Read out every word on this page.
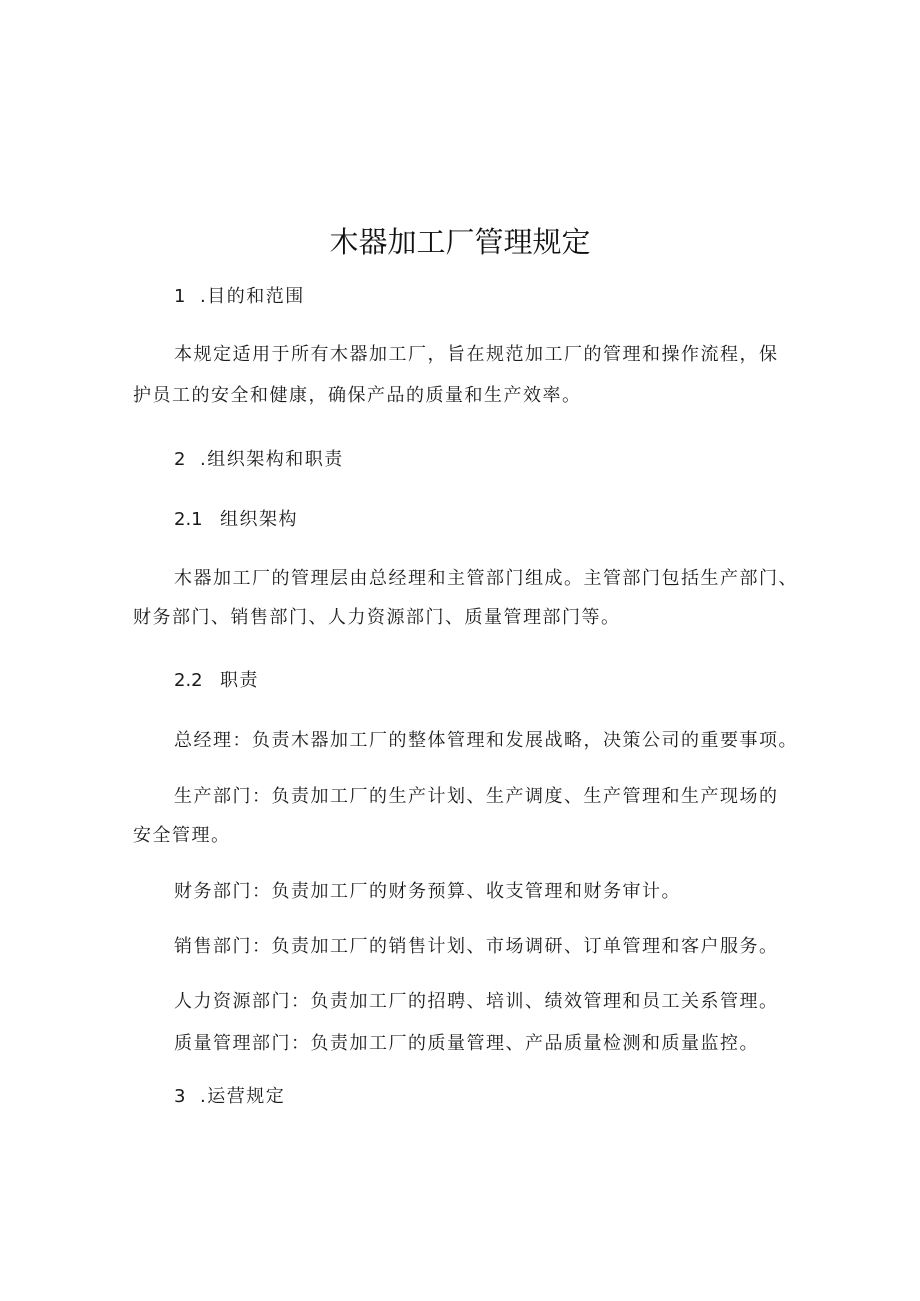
木器加工厂管理规定

1 .目的和范围

本规定适用于所有木器加工厂，旨在规范加工厂的管理和操作流程，保

护员工的安全和健康，确保产品的质量和生产效率。

2 .组织架构和职责

2.1 组织架构

木器加工厂的管理层由总经理和主管部门组成。主管部门包括生产部门、

财务部门、销售部门、人力资源部门、质量管理部门等。

2.2 职责

总经理：负责木器加工厂的整体管理和发展战略，决策公司的重要事项。

生产部门：负责加工厂的生产计划、生产调度、生产管理和生产现场的

安全管理。

财务部门：负责加工厂的财务预算、收支管理和财务审计。

销售部门：负责加工厂的销售计划、市场调研、订单管理和客户服务。

人力资源部门：负责加工厂的招聘、培训、绩效管理和员工关系管理。

质量管理部门：负责加工厂的质量管理、产品质量检测和质量监控。

3 .运营规定
